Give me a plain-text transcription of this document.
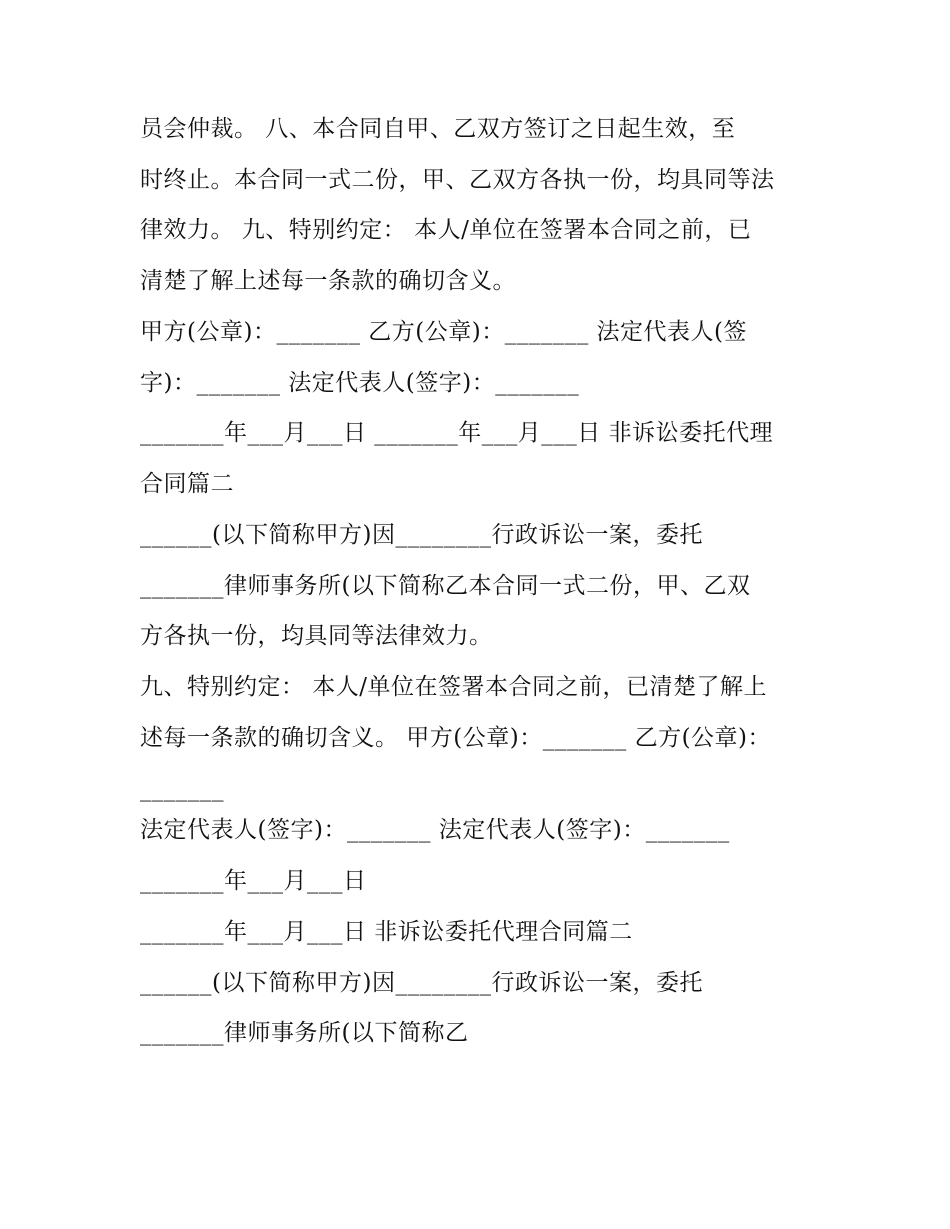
员会仲裁。 八、本合同自甲、乙双方签订之日起生效，至
时终止。本合同一式二份，甲、乙双方各执一份，均具同等法
律效力。 九、特别约定： 本人/单位在签署本合同之前，已
清楚了解上述每一条款的确切含义。
甲方(公章)：_______ 乙方(公章)：_______ 法定代表人(签
字)：_______ 法定代表人(签字)：_______
_______年___月___日 _______年___月___日 非诉讼委托代理
合同篇二
______(以下简称甲方)因________行政诉讼一案，委托
_______律师事务所(以下简称乙本合同一式二份，甲、乙双
方各执一份，均具同等法律效力。
九、特别约定： 本人/单位在签署本合同之前，已清楚了解上
述每一条款的确切含义。 甲方(公章)：_______ 乙方(公章)：
_______
法定代表人(签字)：_______ 法定代表人(签字)：_______
_______年___月___日
_______年___月___日 非诉讼委托代理合同篇二
______(以下简称甲方)因________行政诉讼一案，委托
_______律师事务所(以下简称乙
